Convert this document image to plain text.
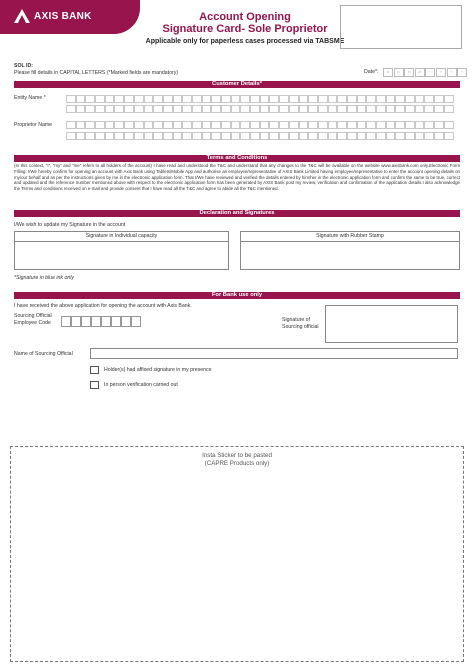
AXIS BANK	Account Opening
Signature Card- Sole Proprietor
Applicable only for paperless cases processed via TABSME
SOL ID:
Please fill details in CAPITAL LETTERS (*Marked fields are mandatory)	Date*:	D	D	M	M	Y	Y	Y	Y
Customer Details*
Entity Name *
Proprietor Name
Terms and Conditions
(In this context, "I", "my" and "me" refers to all holders of the account) I have read and understood the T&C and understand that any changes to the T&C will be available on the website www.axisbank.com only.Electronic Form Filling: I/We hereby confirm for opening an account with Axis Bank using Tablets/Mobile App and authorise an employee/representative of AXIS Bank Limited having employee/representative to enter the account opening details on my/our behalf and as per the instructions given by me in the electronic application form. That I/We have reviewed and verified the details entered by him/her in the electronic application form and confirm the same to be true, correct and updated and the reference number mentioned above with respect to the electronic application form has been generated by AXIS Bank post my review, verification and confirmation of the application details.I also acknowledge the Terms and conditions received on e-mail and provide consent that I have read all the T&C and agree to abide all the T&C mentioned.
Declaration and Signatures
I/We wish to update my Signature in the account
Signature in Individual capacity	Signature with Rubber Stamp
*Signature in blue ink only
For Bank use only
I have received the above application for opening the account with Axis Bank.
Sourcing Official
Employee Code	Signature of
Sourcing official
Name of Sourcing Official
Holder(s) had affixed signature in my presence
In person verification carried out
Insta Sticker to be pasted
(CAPRE Products only)
